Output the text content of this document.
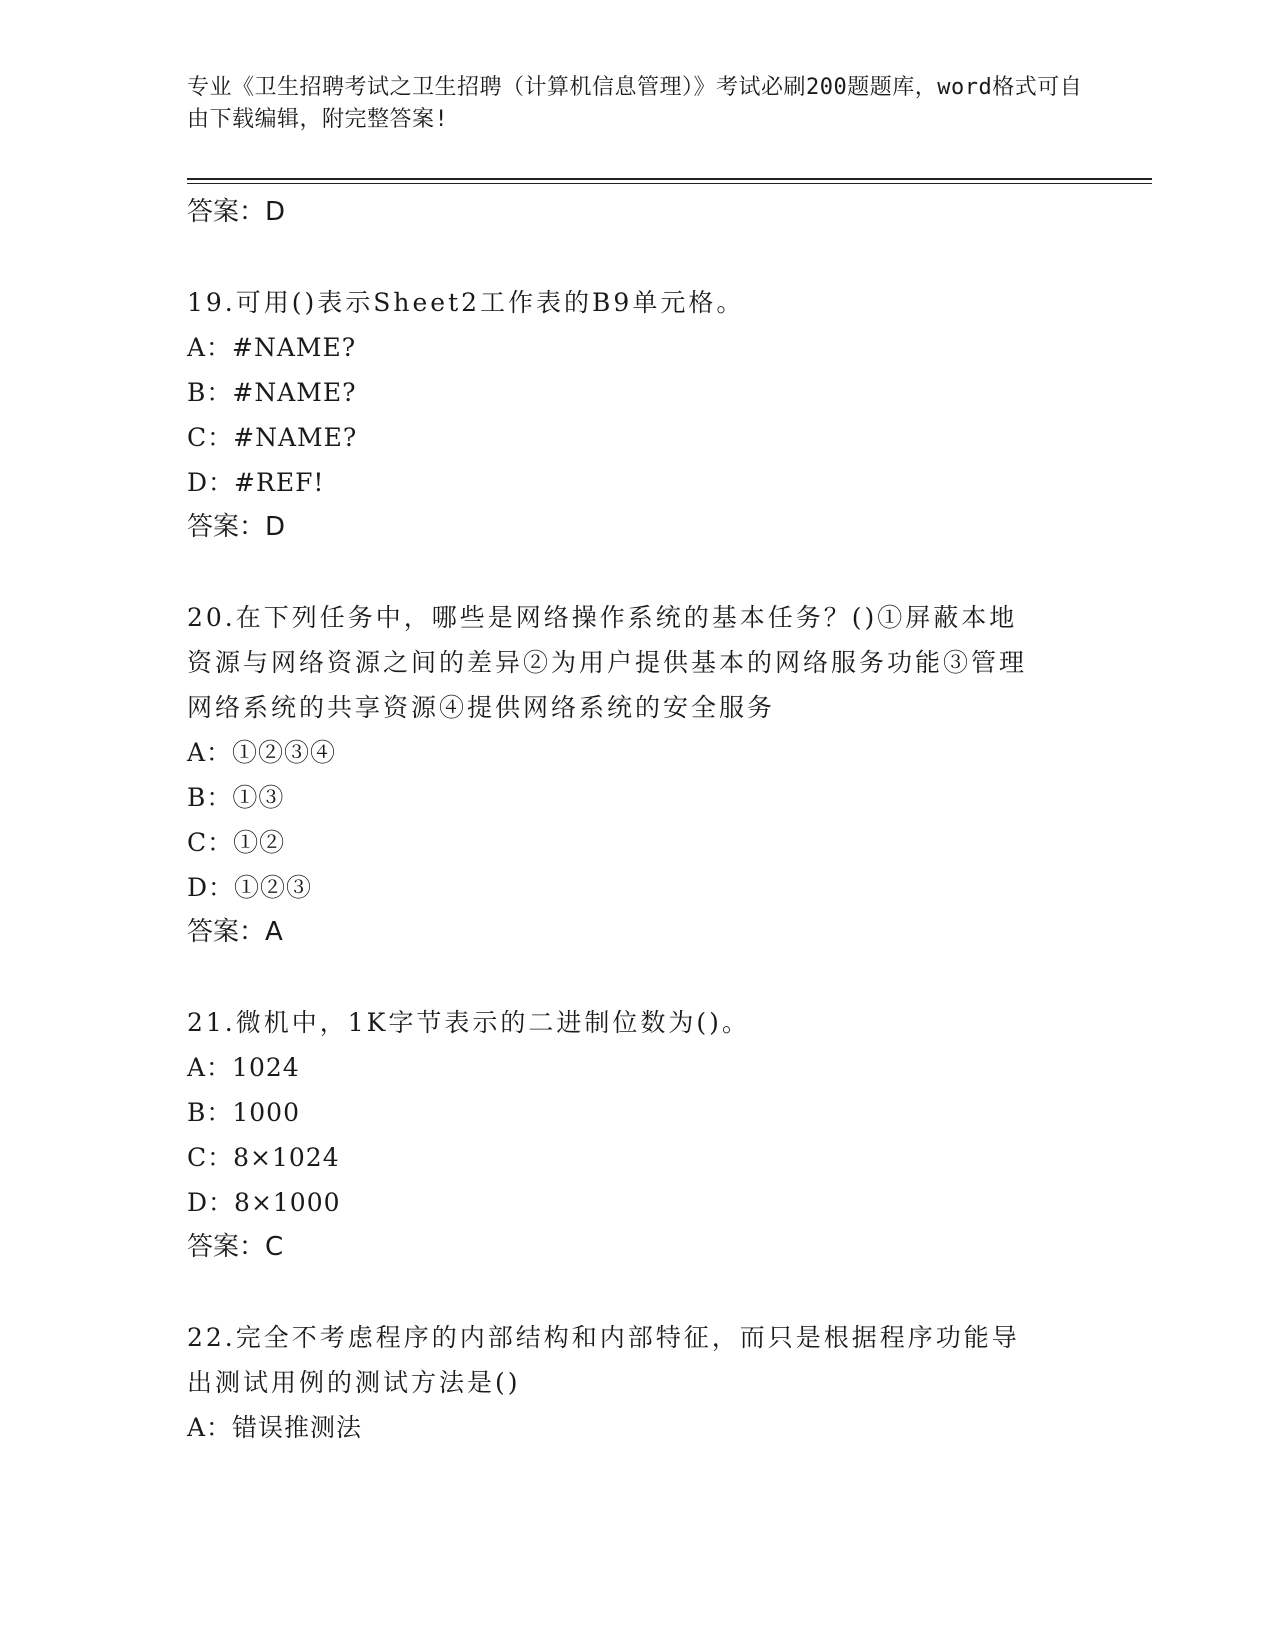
专业《卫生招聘考试之卫生招聘（计算机信息管理）》考试必刷200题题库，word格式可自由下载编辑，附完整答案!
答案：D
19.可用()表示Sheet2工作表的B9单元格。
A：#NAME?
B：#NAME?
C：#NAME?
D：#REF!
答案：D
20.在下列任务中，哪些是网络操作系统的基本任务？()①屏蔽本地资源与网络资源之间的差异②为用户提供基本的网络服务功能③管理网络系统的共享资源④提供网络系统的安全服务
A：①②③④
B：①③
C：①②
D：①②③
答案：A
21.微机中，1K字节表示的二进制位数为()。
A：1024
B：1000
C：8×1024
D：8×1000
答案：C
22.完全不考虑程序的内部结构和内部特征，而只是根据程序功能导出测试用例的测试方法是()
A：错误推测法
